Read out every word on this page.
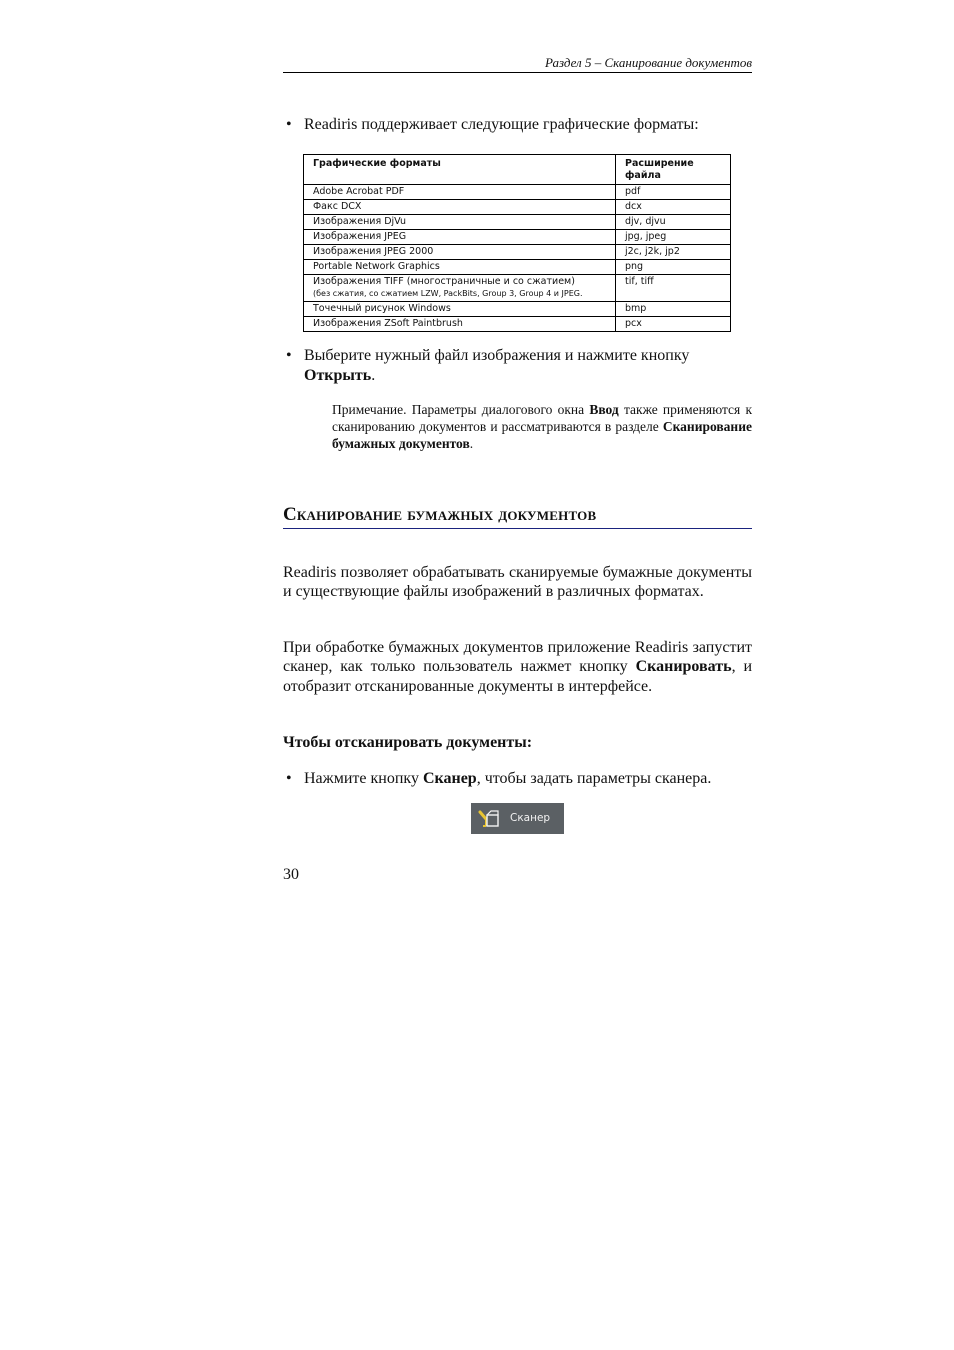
Раздел 5 – Сканирование документов
• Readiris поддерживает следующие графические форматы:
Графические форматы	Расширение файла
Adobe Acrobat PDF	pdf
Факс DCX	dcx
Изображения DjVu	djv, djvu
Изображения JPEG	jpg, jpeg
Изображения JPEG 2000	j2c, j2k, jp2
Portable Network Graphics	png
Изображения TIFF (многостраничные и со сжатием)
(без сжатия, со сжатием LZW, PackBits, Group 3, Group 4 и JPEG.	tif, tiff
Точечный рисунок Windows	bmp
Изображения ZSoft Paintbrush	pcx
• Выберите нужный файл изображения и нажмите кнопку Открыть.
Примечание. Параметры диалогового окна Ввод также применяются к сканированию документов и рассматриваются в разделе Сканирование бумажных документов.
Сканирование бумажных документов
Readiris позволяет обрабатывать сканируемые бумажные документы и существующие файлы изображений в различных форматах.
При обработке бумажных документов приложение Readiris запустит сканер, как только пользователь нажмет кнопку Сканировать, и отобразит отсканированные документы в интерфейсе.
Чтобы отсканировать документы:
• Нажмите кнопку Сканер, чтобы задать параметры сканера.
Сканер
30
